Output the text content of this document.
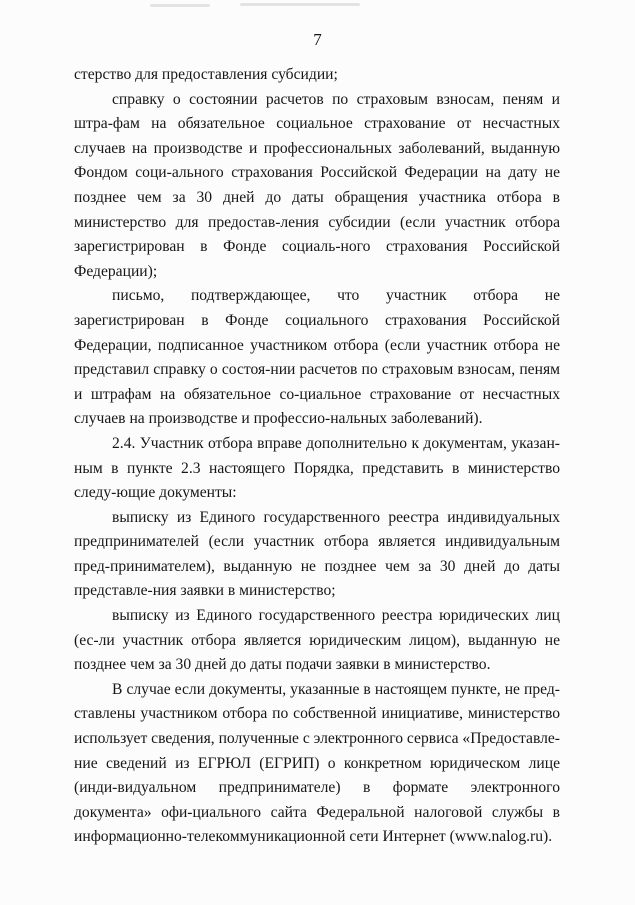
7

стерство для предоставления субсидии;

справку о состоянии расчетов по страховым взносам, пеням и штра-фам на обязательное социальное страхование от несчастных случаев на производстве и профессиональных заболеваний, выданную Фондом соци-ального страхования Российской Федерации на дату не позднее чем за 30 дней до даты обращения участника отбора в министерство для предостав-ления субсидии (если участник отбора зарегистрирован в Фонде социаль-ного страхования Российской Федерации);

письмо, подтверждающее, что участник отбора не зарегистрирован в Фонде социального страхования Российской Федерации, подписанное участником отбора (если участник отбора не представил справку о состоя-нии расчетов по страховым взносам, пеням и штрафам на обязательное со-циальное страхование от несчастных случаев на производстве и профессио-нальных заболеваний).

2.4. Участник отбора вправе дополнительно к документам, указан-ным в пункте 2.3 настоящего Порядка, представить в министерство следу-ющие документы:

выписку из Единого государственного реестра индивидуальных предпринимателей (если участник отбора является индивидуальным пред-принимателем), выданную не позднее чем за 30 дней до даты представле-ния заявки в министерство;

выписку из Единого государственного реестра юридических лиц (ес-ли участник отбора является юридическим лицом), выданную не позднее чем за 30 дней до даты подачи заявки в министерство.

В случае если документы, указанные в настоящем пункте, не пред-ставлены участником отбора по собственной инициативе, министерство использует сведения, полученные с электронного сервиса «Предоставле-ние сведений из ЕГРЮЛ (ЕГРИП) о конкретном юридическом лице (инди-видуальном предпринимателе) в формате электронного документа» офи-циального сайта Федеральной налоговой службы в информационно-телекоммуникационной сети Интернет (www.nalog.ru).
